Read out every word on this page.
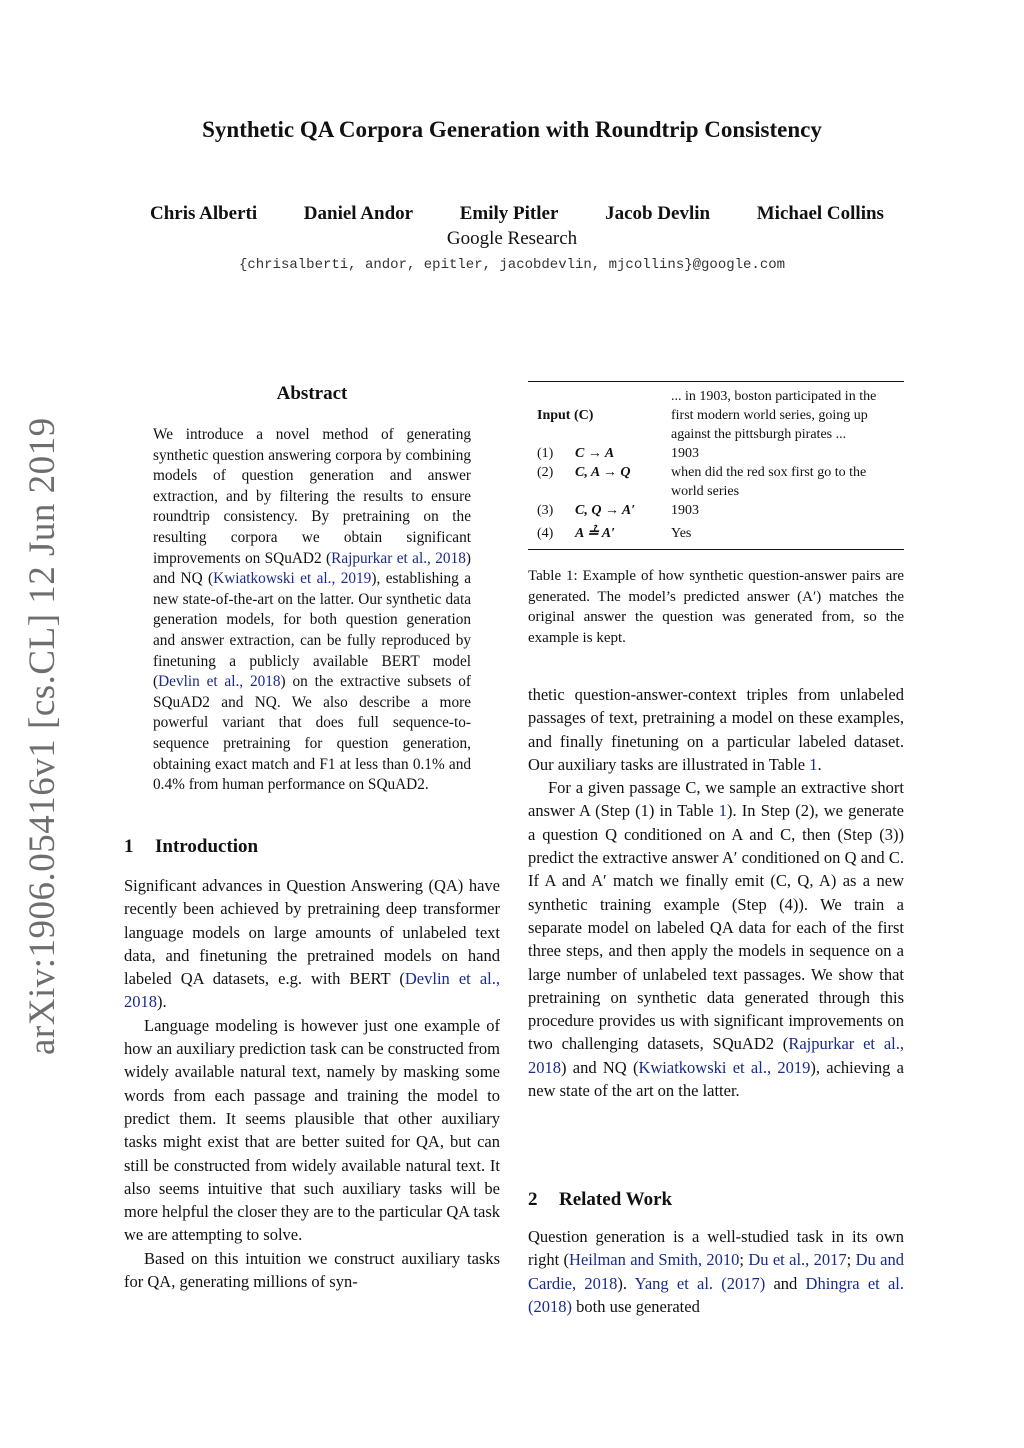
arXiv:1906.05416v1 [cs.CL] 12 Jun 2019
Synthetic QA Corpora Generation with Roundtrip Consistency
Chris Alberti Daniel Andor Emily Pitler Jacob Devlin Michael Collins
Google Research
{chrisalberti, andor, epitler, jacobdevlin, mjcollins}@google.com
Abstract
We introduce a novel method of generating synthetic question answering corpora by combining models of question generation and answer extraction, and by filtering the results to ensure roundtrip consistency. By pretraining on the resulting corpora we obtain significant improvements on SQuAD2 (Rajpurkar et al., 2018) and NQ (Kwiatkowski et al., 2019), establishing a new state-of-the-art on the latter. Our synthetic data generation models, for both question generation and answer extraction, can be fully reproduced by finetuning a publicly available BERT model (Devlin et al., 2018) on the extractive subsets of SQuAD2 and NQ. We also describe a more powerful variant that does full sequence-to-sequence pretraining for question generation, obtaining exact match and F1 at less than 0.1% and 0.4% from human performance on SQuAD2.
1 Introduction

Significant advances in Question Answering (QA) have recently been achieved by pretraining deep transformer language models on large amounts of unlabeled text data, and finetuning the pretrained models on hand labeled QA datasets, e.g. with BERT (Devlin et al., 2018).

Language modeling is however just one example of how an auxiliary prediction task can be constructed from widely available natural text, namely by masking some words from each passage and training the model to predict them. It seems plausible that other auxiliary tasks might exist that are better suited for QA, but can still be constructed from widely available natural text. It also seems intuitive that such auxiliary tasks will be more helpful the closer they are to the particular QA task we are attempting to solve.

Based on this intuition we construct auxiliary tasks for QA, generating millions of syn-

Input (C)		... in 1903, boston participated in the first modern world series, going up against the pittsburgh pirates ...
(1)	C → A	1903
(2)	C, A → Q	when did the red sox first go to the world series
(3)	C, Q → A′	1903
(4)	A ≟ A′	Yes
Table 1: Example of how synthetic question-answer pairs are generated. The model’s predicted answer (A′) matches the original answer the question was generated from, so the example is kept.

thetic question-answer-context triples from unlabeled passages of text, pretraining a model on these examples, and finally finetuning on a particular labeled dataset. Our auxiliary tasks are illustrated in Table 1.

For a given passage C, we sample an extractive short answer A (Step (1) in Table 1). In Step (2), we generate a question Q conditioned on A and C, then (Step (3)) predict the extractive answer A′ conditioned on Q and C. If A and A′ match we finally emit (C, Q, A) as a new synthetic training example (Step (4)). We train a separate model on labeled QA data for each of the first three steps, and then apply the models in sequence on a large number of unlabeled text passages. We show that pretraining on synthetic data generated through this procedure provides us with significant improvements on two challenging datasets, SQuAD2 (Rajpurkar et al., 2018) and NQ (Kwiatkowski et al., 2019), achieving a new state of the art on the latter.

2 Related Work

Question generation is a well-studied task in its own right (Heilman and Smith, 2010; Du et al., 2017; Du and Cardie, 2018). Yang et al. (2017) and Dhingra et al. (2018) both use generated
